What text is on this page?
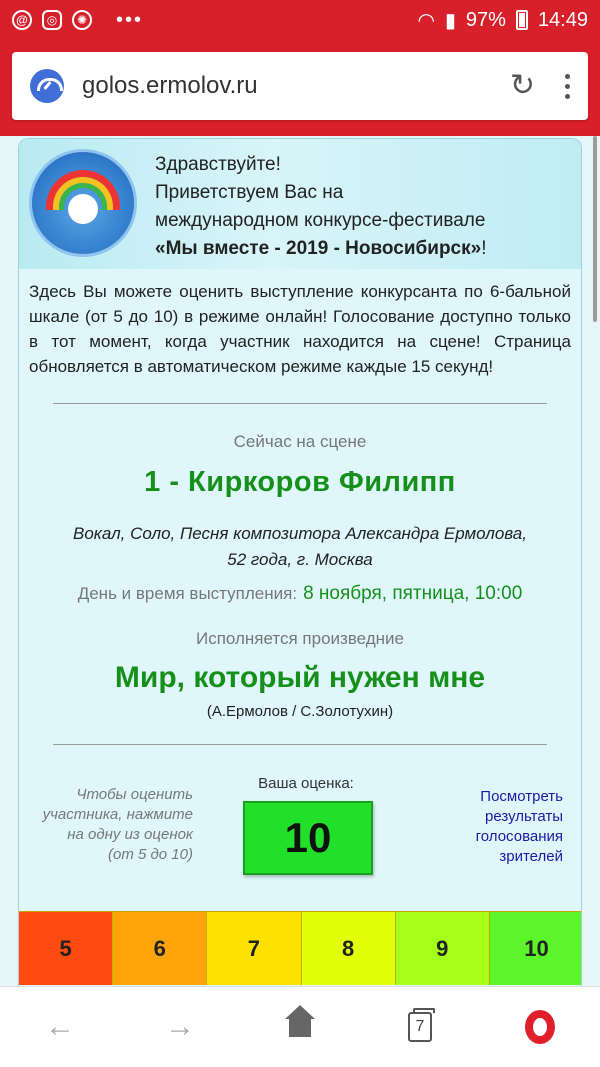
@	◎	✺ •••	◠ ▮ 97% 14:49
golos.ermolov.ru	↻
Здравствуйте!
Приветствуем Вас на
международном конкурсе-фестивале
«Мы вместе - 2019 - Новосибирск»!
Здесь Вы можете оценить выступление конкурсанта по 6-бальной шкале (от 5 до 10) в режиме онлайн! Голосование доступно только в тот момент, когда участник находится на сцене! Страница обновляется в автоматическом режиме каждые 15 секунд!
Сейчас на сцене
1 - Киркоров Филипп
Вокал, Соло, Песня композитора Александра Ермолова,
52 года, г. Москва
День и время выступления: 8 ноября, пятница, 10:00
Исполняется произведние
Мир, который нужен мне
(А.Ермолов / С.Золотухин)
Чтобы оценить
участника, нажмите
на одну из оценок
(от 5 до 10)
Ваша оценка:
10
Посмотреть
результаты
голосования
зрителей
5	6	7	8	9	10
←	→	7
